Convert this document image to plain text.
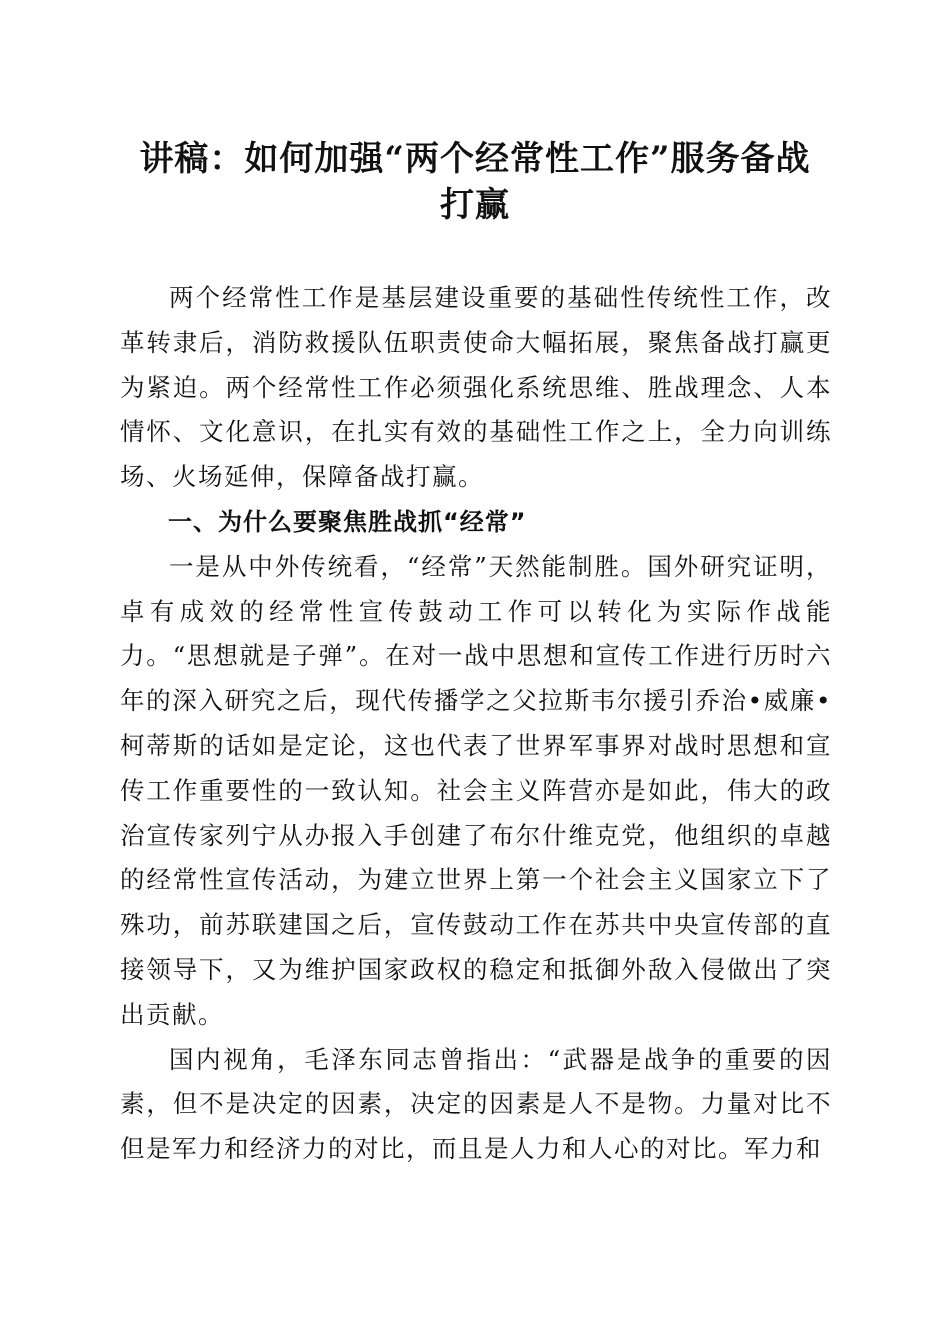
讲稿：如何加强“两个经常性工作”服务备战
打赢

两个经常性工作是基层建设重要的基础性传统性工作，改革转隶后，消防救援队伍职责使命大幅拓展，聚焦备战打赢更为紧迫。两个经常性工作必须强化系统思维、胜战理念、人本情怀、文化意识，在扎实有效的基础性工作之上，全力向训练场、火场延伸，保障备战打赢。

一、为什么要聚焦胜战抓“经常”

一是从中外传统看，“经常”天然能制胜。国外研究证明，卓有成效的经常性宣传鼓动工作可以转化为实际作战能力。“思想就是子弹”。在对一战中思想和宣传工作进行历时六年的深入研究之后，现代传播学之父拉斯韦尔援引乔治•威廉•柯蒂斯的话如是定论，这也代表了世界军事界对战时思想和宣传工作重要性的一致认知。社会主义阵营亦是如此，伟大的政治宣传家列宁从办报入手创建了布尔什维克党，他组织的卓越的经常性宣传活动，为建立世界上第一个社会主义国家立下了殊功，前苏联建国之后，宣传鼓动工作在苏共中央宣传部的直接领导下，又为维护国家政权的稳定和抵御外敌入侵做出了突出贡献。

国内视角，毛泽东同志曾指出：“武器是战争的重要的因素，但不是决定的因素，决定的因素是人不是物。力量对比不但是军力和经济力的对比，而且是人力和人心的对比。军力和
